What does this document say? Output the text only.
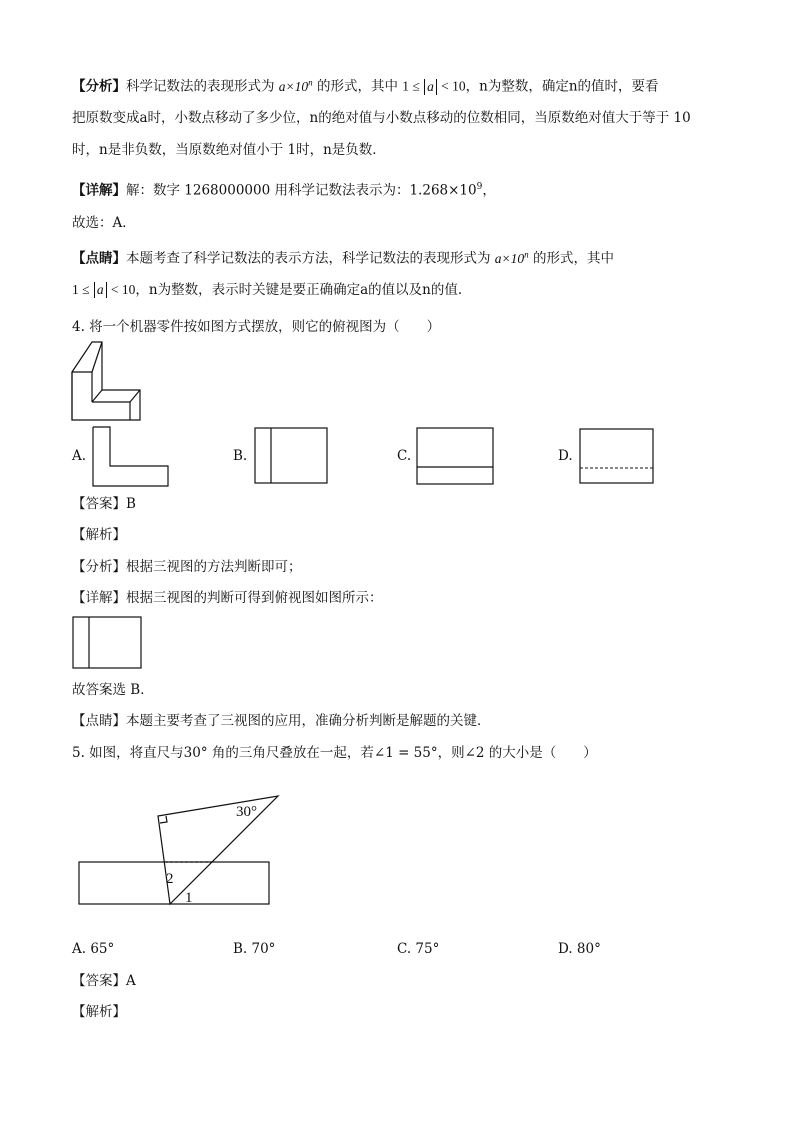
【分析】科学记数法的表现形式为 $a\times 10^n$ 的形式，其中 1 ≤ a < 10，n为整数，确定n的值时，要看
把原数变成a时，小数点移动了多少位，n的绝对值与小数点移动的位数相同，当原数绝对值大于等于 10
时，n是非负数，当原数绝对值小于 1时，n是负数．
【详解】解：数字 1268000000 用科学记数法表示为：$1.268\times 10^9$，
故选：A．
【点睛】本题考查了科学记数法的表示方法，科学记数法的表现形式为 $a\times 10^n$ 的形式，其中
1 ≤ a < 10，n为整数，表示时关键是要正确确定a的值以及n的值．
4. 将一个机器零件按如图方式摆放，则它的俯视图为（　　）
A.	B.	C.	D.
【答案】B
【解析】
【分析】根据三视图的方法判断即可；
【详解】根据三视图的判断可得到俯视图如图所示：
故答案选 B．
【点睛】本题主要考查了三视图的应用，准确分析判断是解题的关键．
5. 如图，将直尺与30° 角的三角尺叠放在一起，若∠1 = 55°，则∠2 的大小是（　　）
30°
2
1
A. 65°	B. 70°	C. 75°	D. 80°
【答案】A
【解析】
